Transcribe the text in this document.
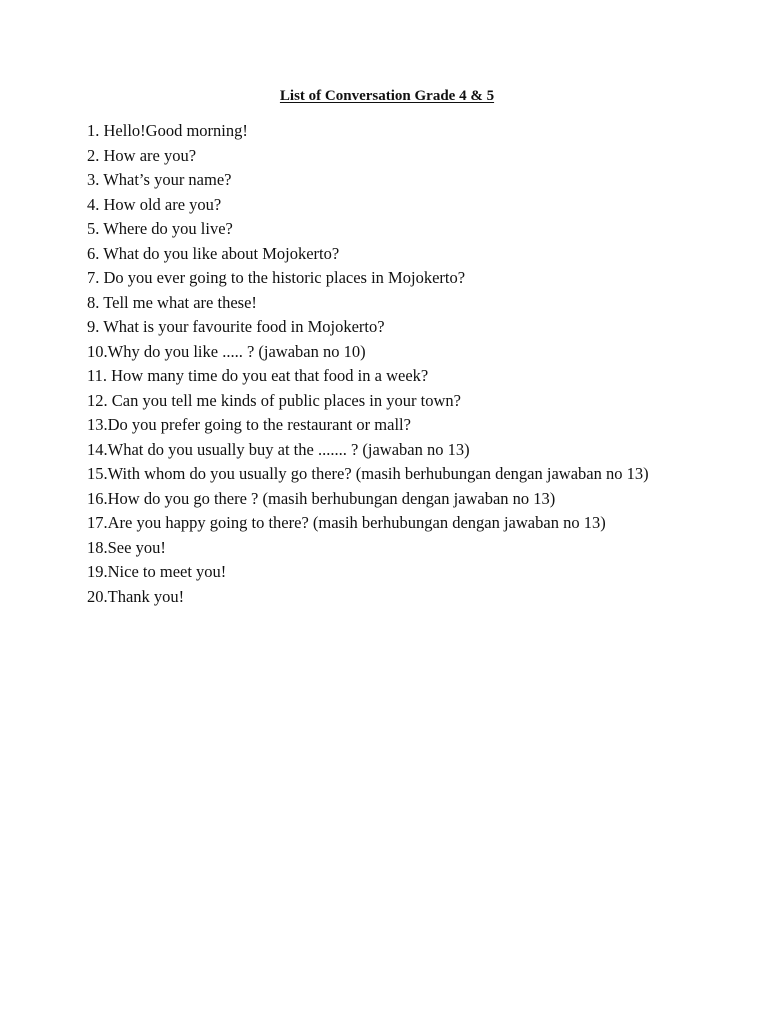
List of Conversation Grade 4 & 5
1. Hello!Good morning!
2. How are you?
3. What’s your name?
4. How old are you?
5. Where do you live?
6. What do you like about Mojokerto?
7. Do you ever going to the historic places in Mojokerto?
8. Tell me what are these!
9. What is your favourite food in Mojokerto?
10.Why do you like ..... ? (jawaban no 10)
11. How many time do you eat that food in a week?
12. Can you tell me kinds of public places in your town?
13.Do you prefer going to the restaurant or mall?
14.What do you usually buy at the ....... ? (jawaban no 13)
15.With whom do you usually go there? (masih berhubungan dengan jawaban no 13)
16.How do you go there ? (masih berhubungan dengan jawaban no 13)
17.Are you happy going to there? (masih berhubungan dengan jawaban no 13)
18.See you!
19.Nice to meet you!
20.Thank you!
